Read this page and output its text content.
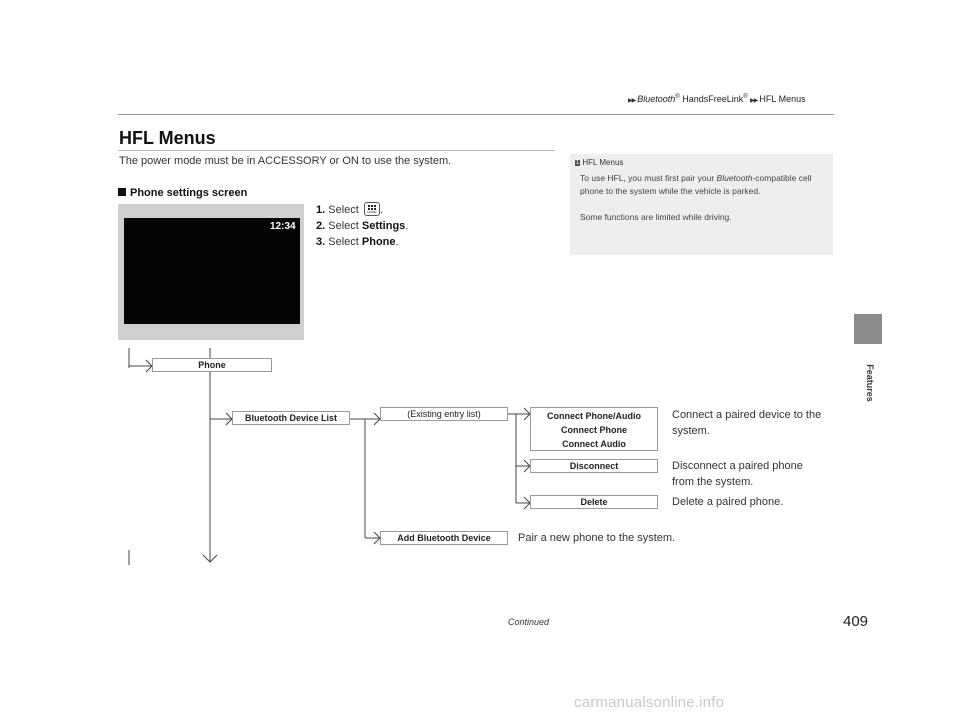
▶▶ Bluetooth® HandsFreeLink® ▶▶ HFL Menus
Features
HFL Menus
The power mode must be in ACCESSORY or ON to use the system.
Phone settings screen
12:34
1. Select	HOME .
2. Select Settings.
3. Select Phone.
1 HFL Menus

To use HFL, you must first pair your Bluetooth-compatible cell phone to the system while the vehicle is parked.

Some functions are limited while driving.

Phone
Bluetooth Device List	(Existing entry list)	Connect Phone/Audio
Connect Phone
Connect Audio
Disconnect
Delete
Add Bluetooth Device
Connect a paired device to the system.
Disconnect a paired phone from the system.
Delete a paired phone.
Pair a new phone to the system.
Continued	409
carmanualsonline.info
